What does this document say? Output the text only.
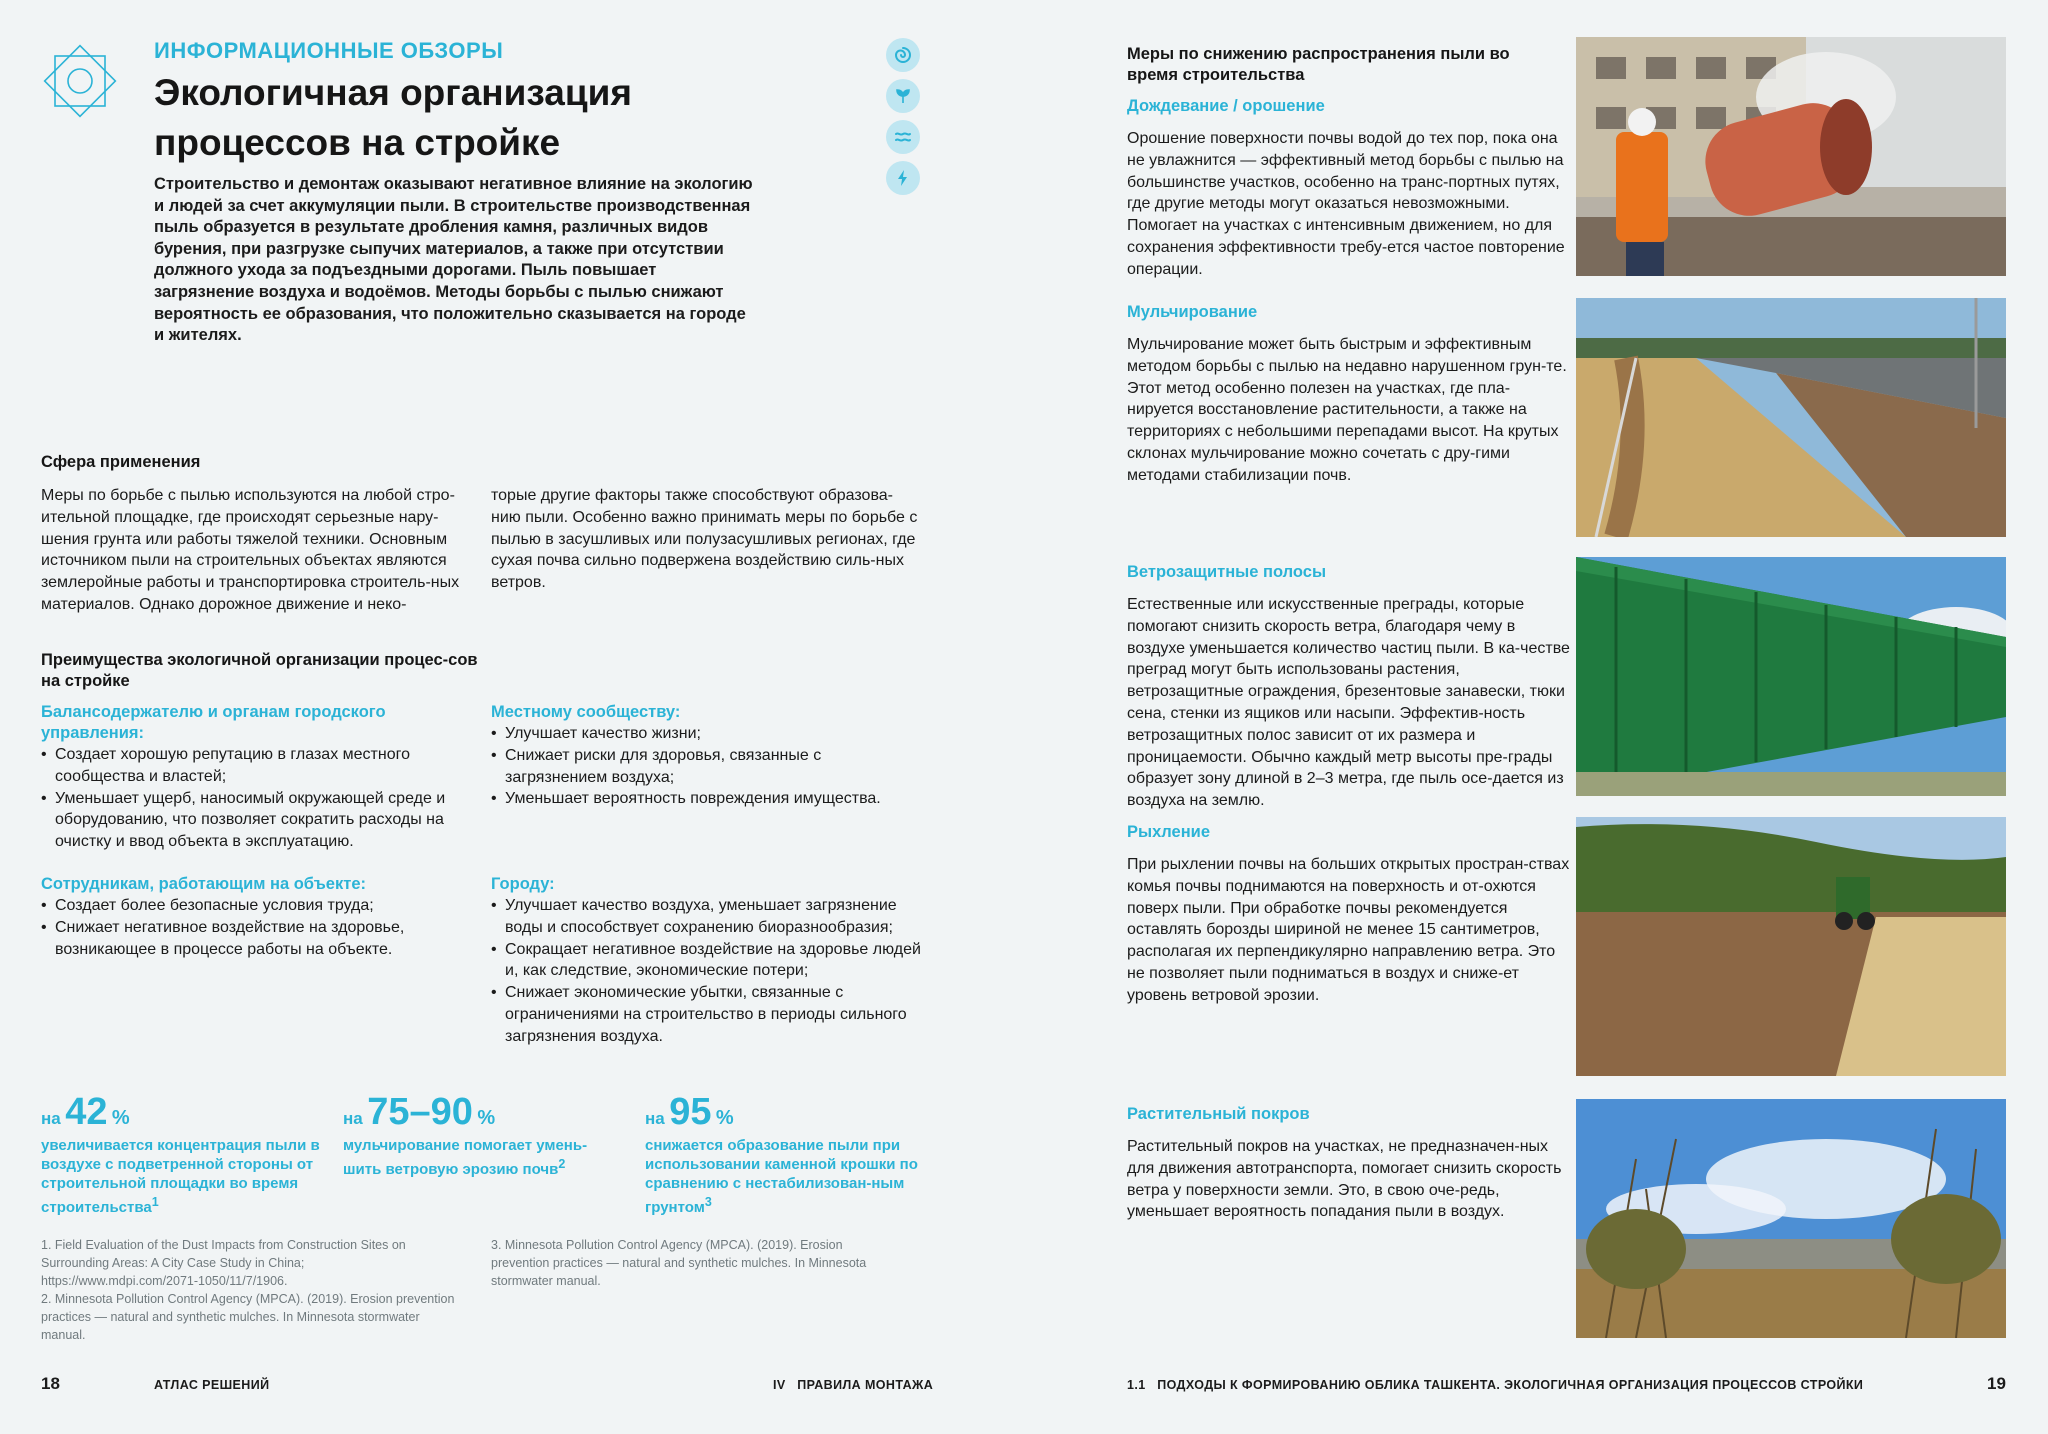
ИНФОРМАЦИОННЫЕ ОБЗОРЫ
Экологичная организация процессов на стройке
Строительство и демонтаж оказывают негативное влияние на экологию и людей за счет аккумуляции пыли. В строительстве производственная пыль образуется в результате дробления камня, различных видов бурения, при разгрузке сыпучих материалов, а также при отсутствии должного ухода за подъездными дорогами. Пыль повышает загрязнение воздуха и водоёмов. Методы борьбы с пылью снижают вероятность ее образования, что положительно сказывается на городе и жителях.
Сфера применения
Меры по борьбе с пылью используются на любой стро-ительной площадке, где происходят серьезные нару-шения грунта или работы тяжелой техники. Основным источником пыли на строительных объектах являются землеройные работы и транспортировка строитель-ных материалов. Однако дорожное движение и неко-
торые другие факторы также способствуют образова-нию пыли. Особенно важно принимать меры по борьбе с пылью в засушливых или полузасушливых регионах, где сухая почва сильно подвержена воздействию силь-ных ветров.
Преимущества экологичной организации процес-сов на стройке
Балансодержателю и органам городского управления:
• Создает хорошую репутацию в глазах местного сообщества и властей;
• Уменьшает ущерб, наносимый окружающей среде и оборудованию, что позволяет сократить расходы на очистку и ввод объекта в эксплуатацию.
Местному сообществу:
• Улучшает качество жизни;
• Снижает риски для здоровья, связанные с загрязнением воздуха;
• Уменьшает вероятность повреждения имущества.
Сотрудникам, работающим на объекте:
• Создает более безопасные условия труда;
• Снижает негативное воздействие на здоровье, возникающее в процессе работы на объекте.
Городу:
• Улучшает качество воздуха, уменьшает загрязнение воды и способствует сохранению биоразнообразия;
• Сокращает негативное воздействие на здоровье людей и, как следствие, экономические потери;
• Снижает экономические убытки, связанные с ограничениями на строительство в периоды сильного загрязнения воздуха.
на 42 %
увеличивается концентрация пыли в воздухе с подветренной стороны от строительной площадки во время строительства$^1$
на 75–90 %
мульчирование помогает умень-шить ветровую эрозию почв$^2$
на 95 %
снижается образование пыли при использовании каменной крошки по сравнению с нестабилизован-ным грунтом$^3$
1. Field Evaluation of the Dust Impacts from Construction Sites on Surrounding Areas: A City Case Study in China; https://www.mdpi.com/2071-1050/11/7/1906.
2. Minnesota Pollution Control Agency (MPCA). (2019). Erosion prevention practices — natural and synthetic mulches. In Minnesota stormwater manual.
3. Minnesota Pollution Control Agency (MPCA). (2019). Erosion prevention practices — natural and synthetic mulches. In Minnesota stormwater manual.
18	АТЛАС РЕШЕНИЙ	IV   ПРАВИЛА МОНТАЖА
Меры по снижению распространения пыли во время строительства
Дождевание / орошение
Орошение поверхности почвы водой до тех пор, пока она не увлажнится — эффективный метод борьбы с пылью на большинстве участков, особенно на транс-портных путях, где другие методы могут оказаться невозможными. Помогает на участках с интенсивным движением, но для сохранения эффективности требу-ется частое повторение операции.
Мульчирование
Мульчирование может быть быстрым и эффективным методом борьбы с пылью на недавно нарушенном грун-те. Этот метод особенно полезен на участках, где пла-нируется восстановление растительности, а также на территориях с небольшими перепадами высот. На крутых склонах мульчирование можно сочетать с дру-гими методами стабилизации почв.
Ветрозащитные полосы
Естественные или искусственные преграды, которые помогают снизить скорость ветра, благодаря чему в воздухе уменьшается количество частиц пыли. В ка-честве преград могут быть использованы растения, ветрозащитные ограждения, брезентовые занавески, тюки сена, стенки из ящиков или насыпи. Эффектив-ность ветрозащитных полос зависит от их размера и проницаемости. Обычно каждый метр высоты пре-грады образует зону длиной в 2–3 метра, где пыль осе-дается из воздуха на землю.
Рыхление
При рыхлении почвы на больших открытых простран-ствах комья почвы поднимаются на поверхность и от-охются поверх пыли. При обработке почвы рекомендуется оставлять борозды шириной не менее 15 сантиметров, располагая их перпендикулярно направлению ветра. Это не позволяет пыли подниматься в воздух и сниже-ет уровень ветровой эрозии.
Растительный покров
Растительный покров на участках, не предназначен-ных для движения автотранспорта, помогает снизить скорость ветра у поверхности земли. Это, в свою оче-редь, уменьшает вероятность попадания пыли в воздух.
1.1   ПОДХОДЫ К ФОРМИРОВАНИЮ ОБЛИКА ТАШКЕНТА. ЭКОЛОГИЧНАЯ ОРГАНИЗАЦИЯ ПРОЦЕССОВ СТРОЙКИ	19
